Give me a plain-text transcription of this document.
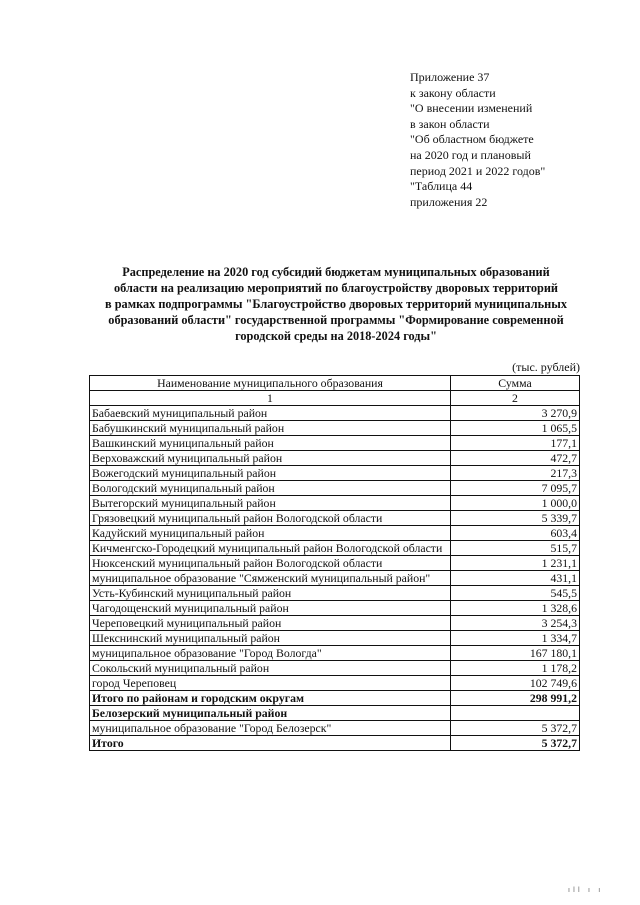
Приложение 37
к закону области
"О внесении изменений
в закон области
"Об областном бюджете
на 2020 год и плановый
период 2021 и 2022 годов"
"Таблица 44
приложения 22
Распределение на 2020 год субсидий бюджетам муниципальных образований
области на реализацию мероприятий по благоустройству дворовых территорий
в рамках подпрограммы "Благоустройство дворовых территорий муниципальных
образований области" государственной программы "Формирование современной
городской среды на 2018-2024 годы"
(тыс. рублей)
Наименование муниципального образования	Сумма
1	2
Бабаевский муниципальный район	3 270,9
Бабушкинский муниципальный район	1 065,5
Вашкинский муниципальный район	177,1
Верховажский муниципальный район	472,7
Вожегодский муниципальный район	217,3
Вологодский муниципальный район	7 095,7
Вытегорский муниципальный район	1 000,0
Грязовецкий муниципальный район Вологодской области	5 339,7
Кадуйский муниципальный район	603,4
Кичменгско-Городецкий муниципальный район Вологодской области	515,7
Нюксенский муниципальный район Вологодской области	1 231,1
муниципальное образование "Сямженский муниципальный район"	431,1
Усть-Кубинский муниципальный район	545,5
Чагодощенский муниципальный район	1 328,6
Череповецкий муниципальный район	3 254,3
Шекснинский муниципальный район	1 334,7
муниципальное образование "Город Вологда"	167 180,1
Сокольский муниципальный район	1 178,2
город Череповец	102 749,6
Итого по районам и городским округам	298 991,2
Белозерский муниципальный район	
муниципальное образование "Город Белозерск"	5 372,7
Итого	5 372,7
ıll ı ı
